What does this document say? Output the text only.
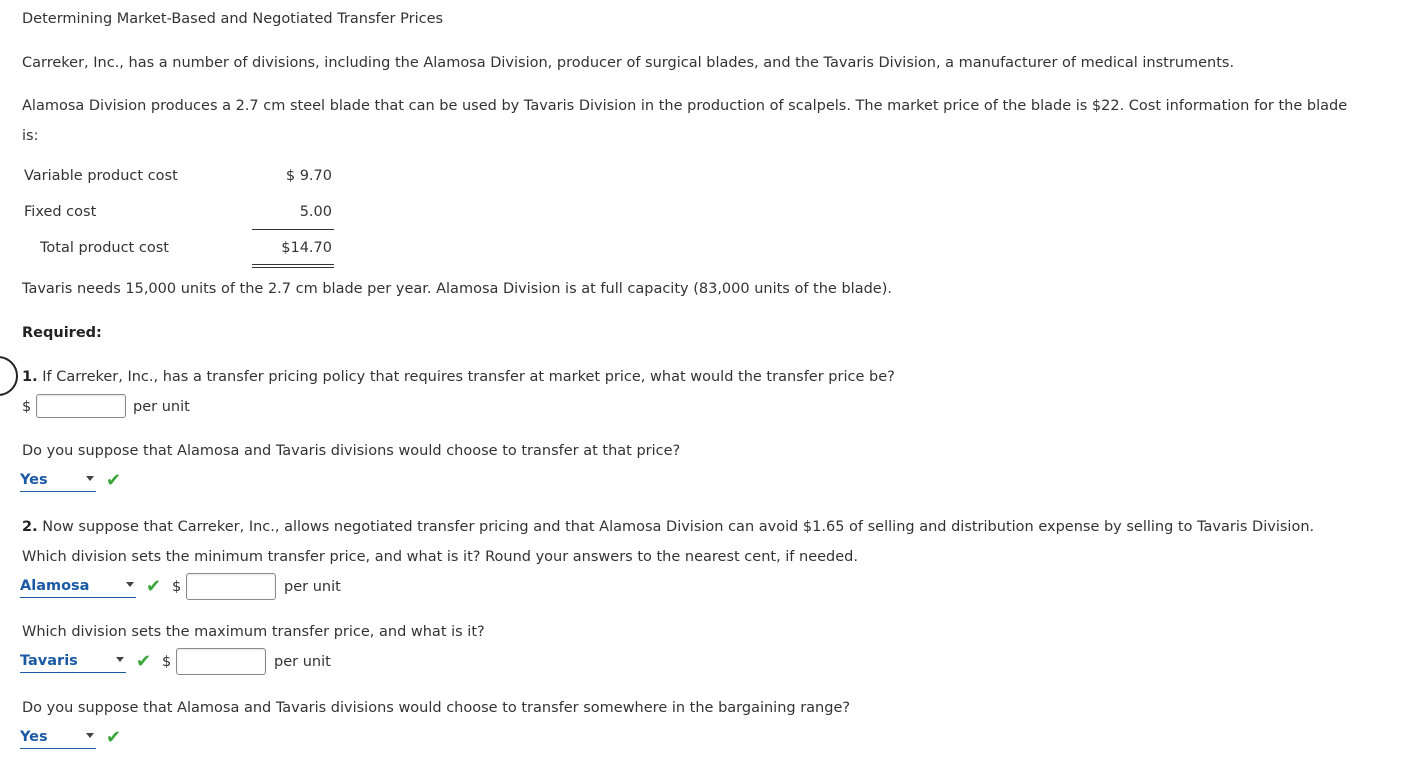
Determining Market-Based and Negotiated Transfer Prices
Carreker, Inc., has a number of divisions, including the Alamosa Division, producer of surgical blades, and the Tavaris Division, a manufacturer of medical instruments.
Alamosa Division produces a 2.7 cm steel blade that can be used by Tavaris Division in the production of scalpels. The market price of the blade is $22. Cost information for the blade
is:
Variable product cost	$ 9.70
Fixed cost	5.00
Total product cost	$14.70
Tavaris needs 15,000 units of the 2.7 cm blade per year. Alamosa Division is at full capacity (83,000 units of the blade).
Required:
1. If Carreker, Inc., has a transfer pricing policy that requires transfer at market price, what would the transfer price be?
$	per unit
Do you suppose that Alamosa and Tavaris divisions would choose to transfer at that price?
Yes	✔
2. Now suppose that Carreker, Inc., allows negotiated transfer pricing and that Alamosa Division can avoid $1.65 of selling and distribution expense by selling to Tavaris Division.
Which division sets the minimum transfer price, and what is it? Round your answers to the nearest cent, if needed.
Alamosa	✔ $	per unit
Which division sets the maximum transfer price, and what is it?
Tavaris	✔ $	per unit
Do you suppose that Alamosa and Tavaris divisions would choose to transfer somewhere in the bargaining range?
Yes	✔
